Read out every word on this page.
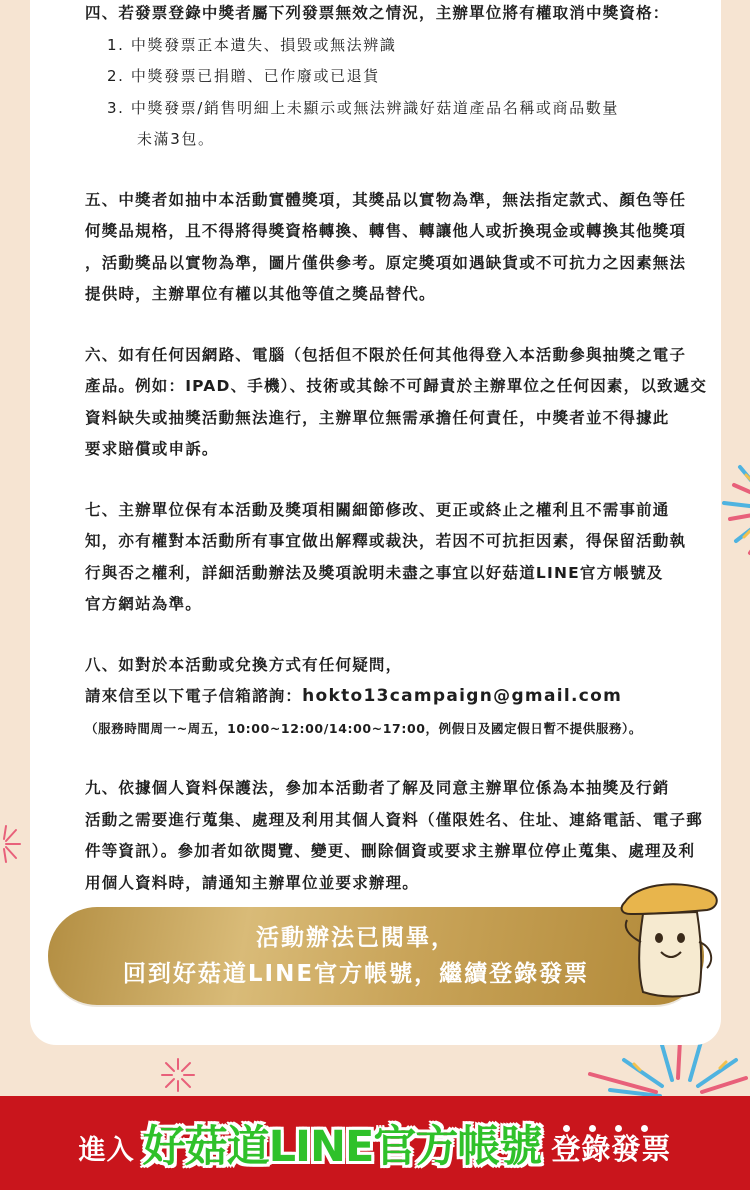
四、若發票登錄中獎者屬下列發票無效之情況，主辦單位將有權取消中獎資格：

1. 中獎發票正本遺失、損毀或無法辨識
2. 中獎發票已捐贈、已作廢或已退貨
3. 中獎發票/銷售明細上未顯示或無法辨識好菇道產品名稱或商品數量
未滿3包。

五、中獎者如抽中本活動實體獎項，其獎品以實物為準，無法指定款式、顏色等任

何獎品規格，且不得將得獎資格轉換、轉售、轉讓他人或折換現金或轉換其他獎項

，活動獎品以實物為準，圖片僅供參考。原定獎項如遇缺貨或不可抗力之因素無法

提供時，主辦單位有權以其他等值之獎品替代。

六、如有任何因網路、電腦（包括但不限於任何其他得登入本活動參與抽獎之電子

產品。例如：IPAD、手機）、技術或其餘不可歸責於主辦單位之任何因素，以致遞交

資料缺失或抽獎活動無法進行，主辦單位無需承擔任何責任，中獎者並不得據此

要求賠償或申訴。

七、主辦單位保有本活動及獎項相關細節修改、更正或終止之權利且不需事前通

知，亦有權對本活動所有事宜做出解釋或裁決，若因不可抗拒因素，得保留活動執

行與否之權利，詳細活動辦法及獎項說明未盡之事宜以好菇道LINE官方帳號及

官方網站為準。

八、如對於本活動或兌換方式有任何疑問，

請來信至以下電子信箱諮詢：hokto13campaign@gmail.com

（服務時間周一~周五，10:00~12:00/14:00~17:00，例假日及國定假日暫不提供服務）。

九、依據個人資料保護法，參加本活動者了解及同意主辦單位係為本抽獎及行銷

活動之需要進行蒐集、處理及利用其個人資料（僅限姓名、住址、連絡電話、電子郵

件等資訊）。參加者如欲閱覽、變更、刪除個資或要求主辦單位停止蒐集、處理及利

用個人資料時，請通知主辦單位並要求辦理。

活動辦法已閱畢，
回到好菇道LINE官方帳號，繼續登錄發票
進入 好菇道LINE官方帳號 登錄發票
